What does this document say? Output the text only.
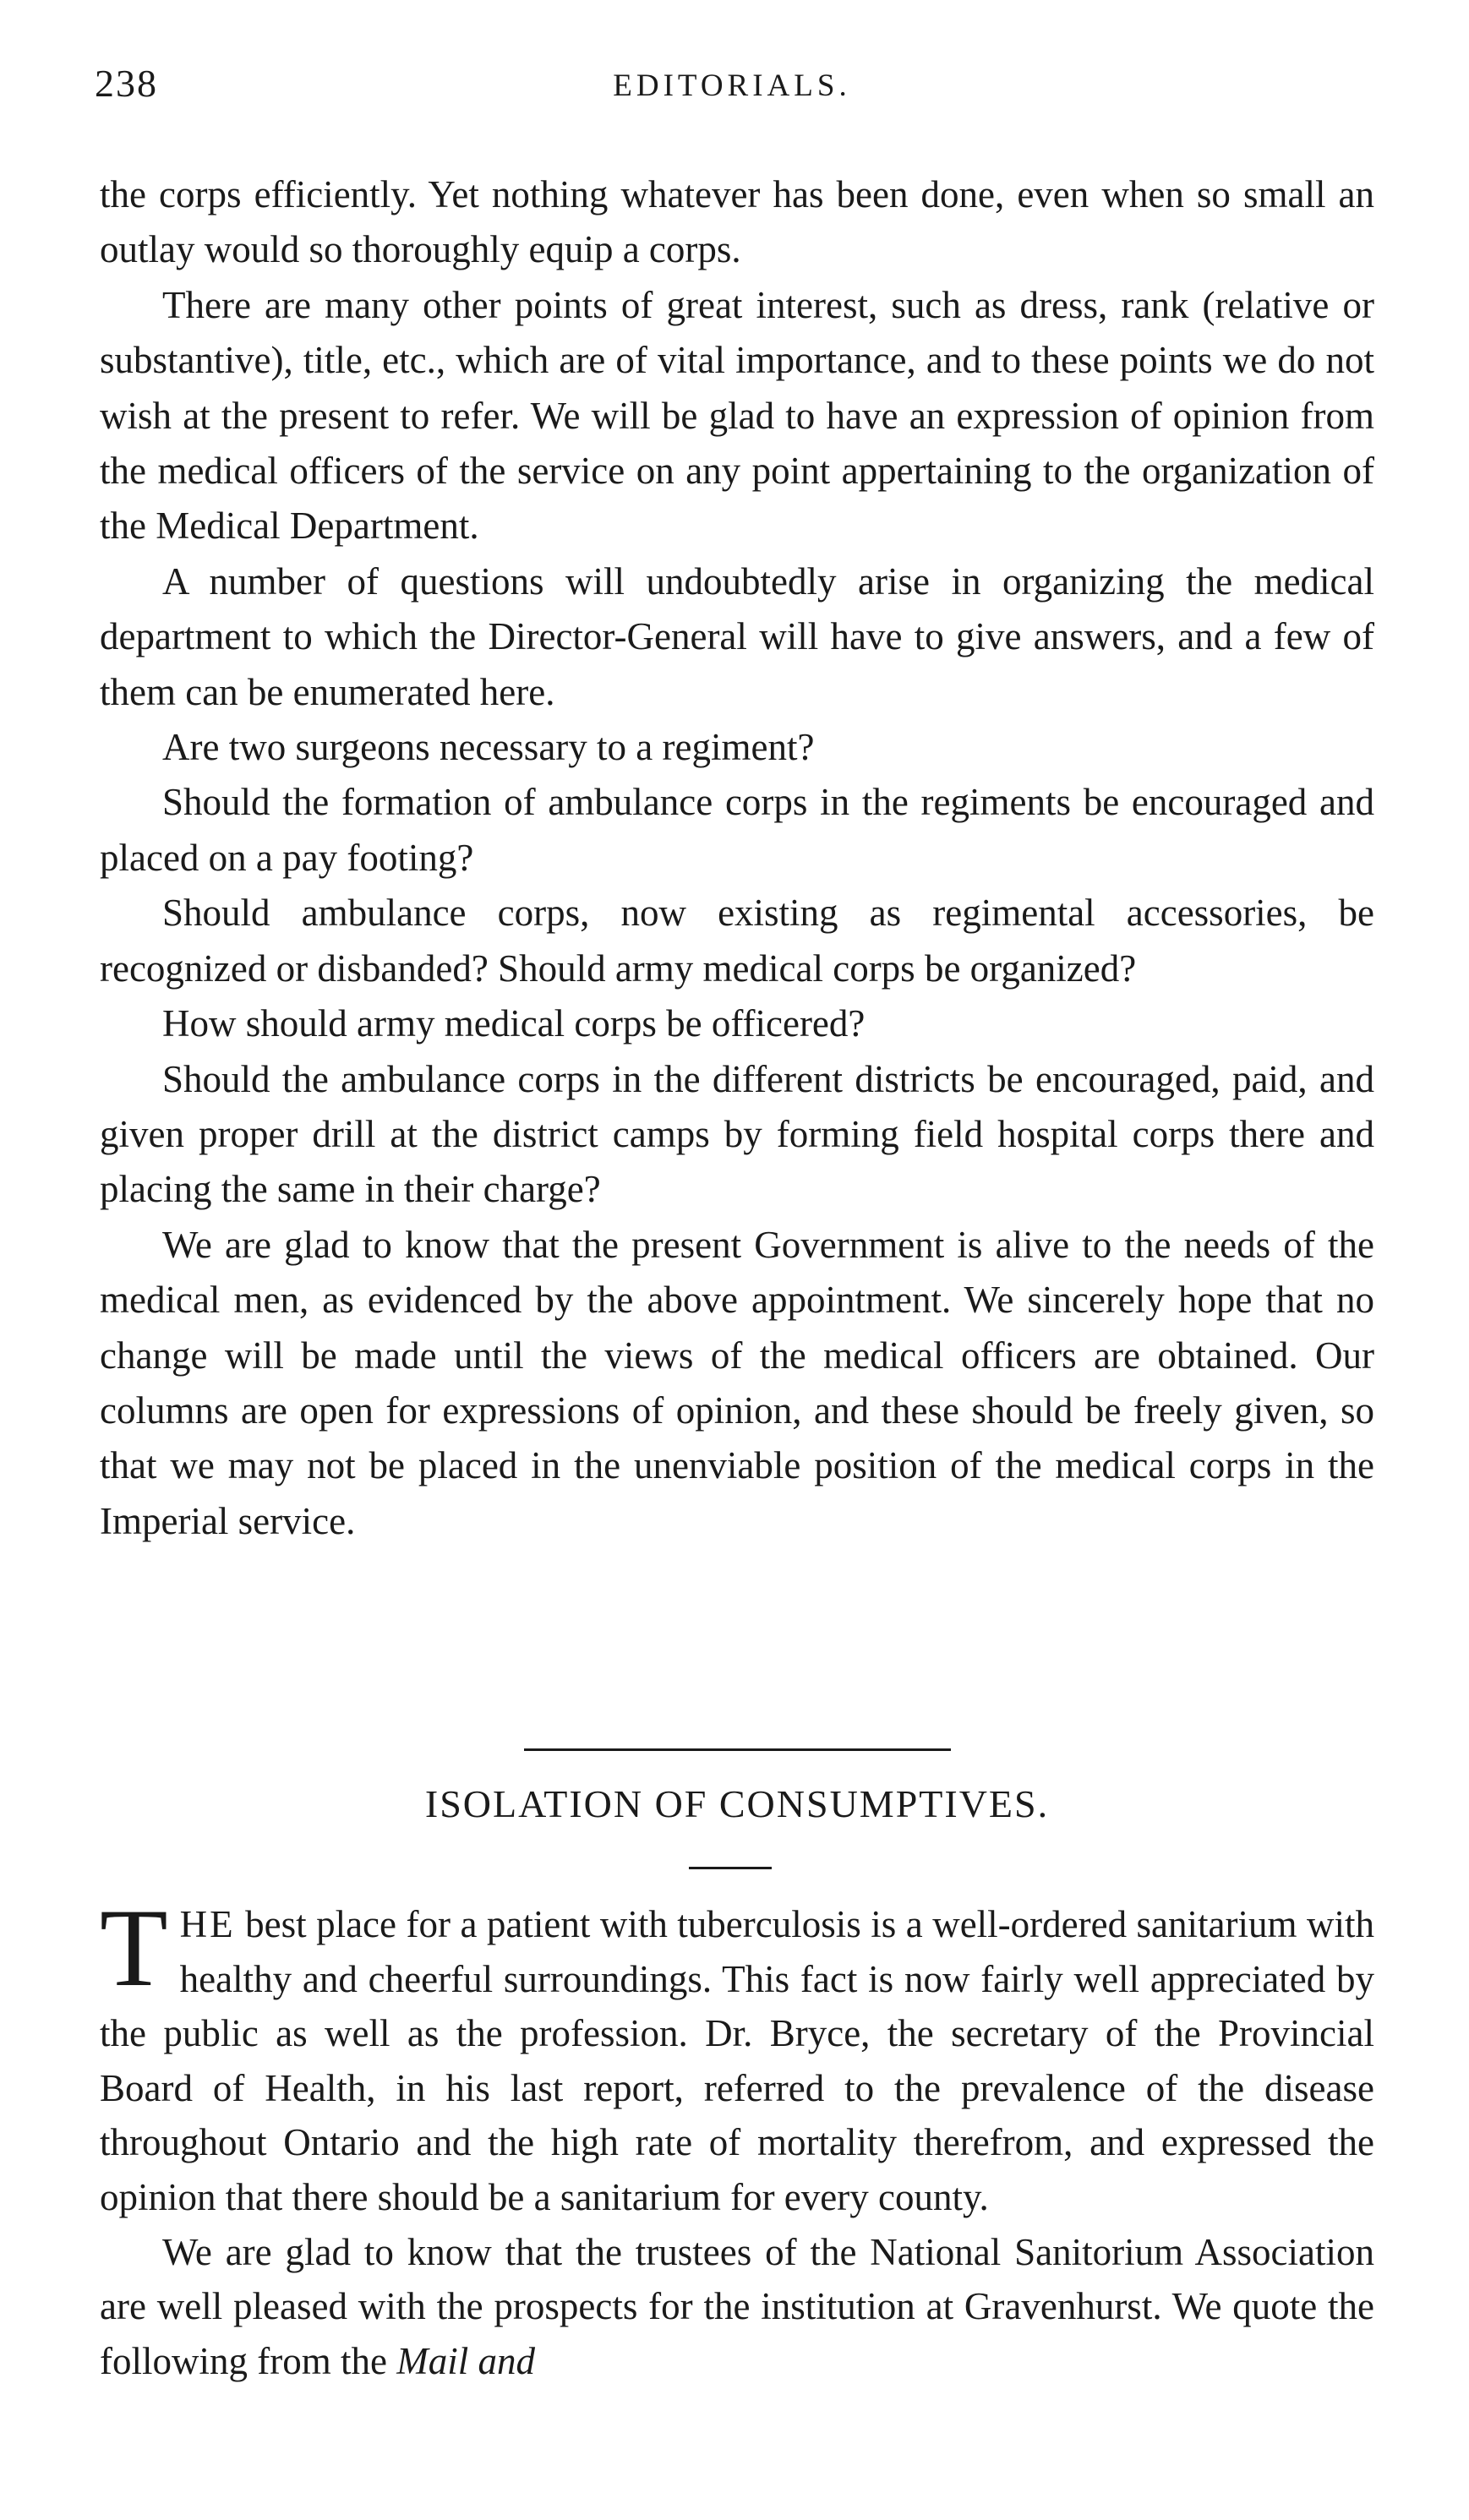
238	EDITORIALS.

the corps efficiently. Yet nothing whatever has been done, even when so small an outlay would so thoroughly equip a corps.

There are many other points of great interest, such as dress, rank (relative or substantive), title, etc., which are of vital importance, and to these points we do not wish at the present to refer. We will be glad to have an expression of opinion from the medical officers of the service on any point appertaining to the organization of the Medical Department.

A number of questions will undoubtedly arise in organizing the medical department to which the Director-General will have to give answers, and a few of them can be enumerated here.

Are two surgeons necessary to a regiment?

Should the formation of ambulance corps in the regiments be encouraged and placed on a pay footing?

Should ambulance corps, now existing as regimental accessories, be recognized or disbanded? Should army medical corps be organized?

How should army medical corps be officered?

Should the ambulance corps in the different districts be encouraged, paid, and given proper drill at the district camps by forming field hospital corps there and placing the same in their charge?

We are glad to know that the present Government is alive to the needs of the medical men, as evidenced by the above appointment. We sincerely hope that no change will be made until the views of the medical officers are obtained. Our columns are open for expressions of opinion, and these should be freely given, so that we may not be placed in the unenviable position of the medical corps in the Imperial service.

ISOLATION OF CONSUMPTIVES.

THE best place for a patient with tuberculosis is a well-ordered sanitarium with healthy and cheerful surroundings. This fact is now fairly well appreciated by the public as well as the profession. Dr. Bryce, the secretary of the Provincial Board of Health, in his last report, referred to the prevalence of the disease throughout Ontario and the high rate of mortality therefrom, and expressed the opinion that there should be a sanitarium for every county.

We are glad to know that the trustees of the National Sanitorium Association are well pleased with the prospects for the institution at Gravenhurst. We quote the following from the Mail and
